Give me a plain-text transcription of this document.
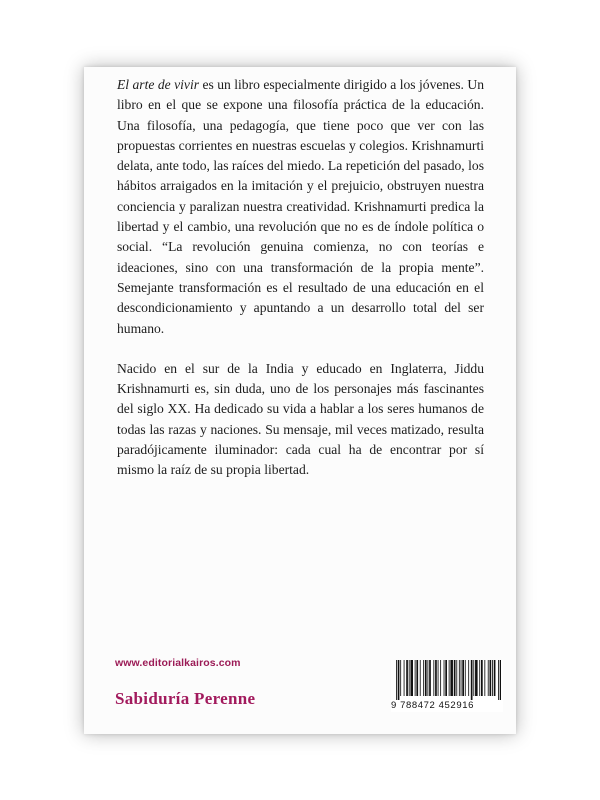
El arte de vivir es un libro especialmente dirigido a los jóvenes. Un libro en el que se expone una filosofía práctica de la educación. Una filosofía, una pedagogía, que tiene poco que ver con las propuestas corrientes en nuestras escuelas y colegios. Krishnamurti delata, ante todo, las raíces del miedo. La repetición del pasado, los hábitos arraigados en la imitación y el prejuicio, obstruyen nuestra conciencia y paralizan nuestra creatividad. Krishnamurti predica la libertad y el cambio, una revolución que no es de índole política o social. “La revolución genuina comienza, no con teorías e ideaciones, sino con una transformación de la propia mente”. Semejante transformación es el resultado de una educación en el descondicionamiento y apuntando a un desarrollo total del ser humano.

Nacido en el sur de la India y educado en Inglaterra, Jiddu Krishnamurti es, sin duda, uno de los personajes más fascinantes del siglo XX. Ha dedicado su vida a hablar a los seres humanos de todas las razas y naciones. Su mensaje, mil veces matizado, resulta paradójicamente iluminador: cada cual ha de encontrar por sí mismo la raíz de su propia libertad.

www.editorialkairos.com
Sabiduría Perenne	9 788472 452916
